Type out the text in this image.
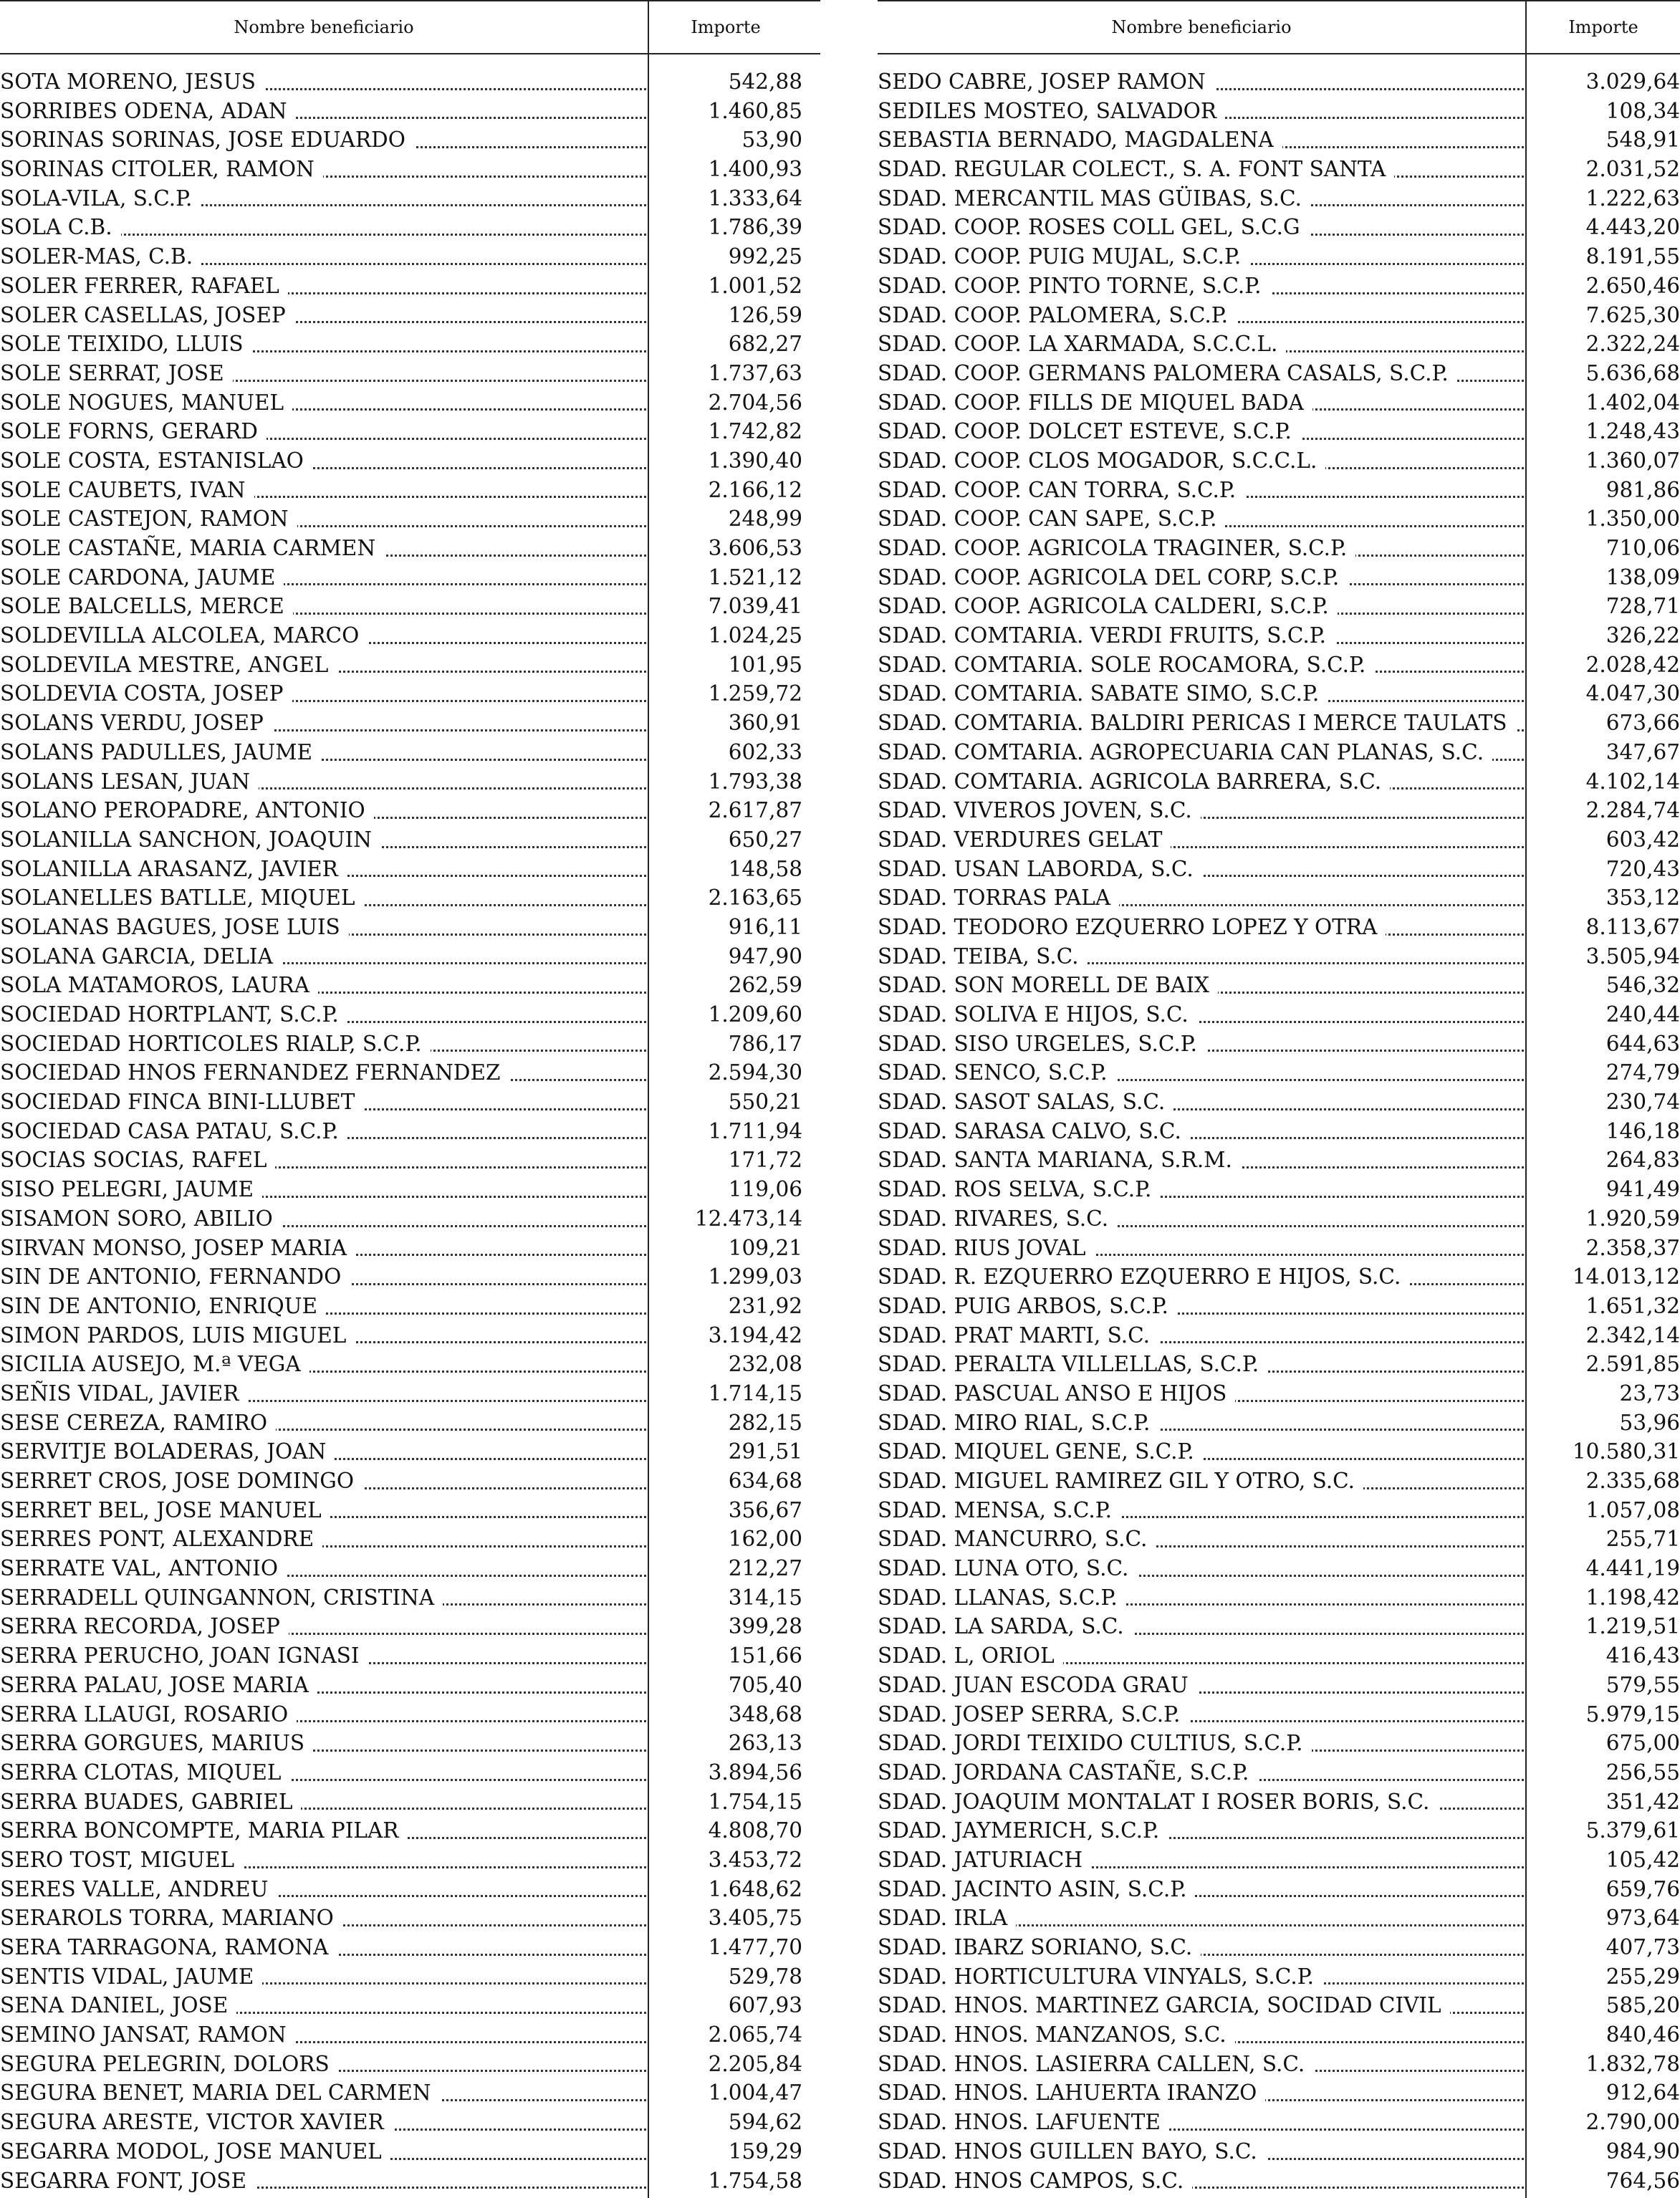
Nombre beneficiario	Importe
SOTA MORENO, JESUS	542,88
SORRIBES ODENA, ADAN	1.460,85
SORINAS SORINAS, JOSE EDUARDO	53,90
SORINAS CITOLER, RAMON	1.400,93
SOLA-VILA, S.C.P.	1.333,64
SOLA C.B.	1.786,39
SOLER-MAS, C.B.	992,25
SOLER FERRER, RAFAEL	1.001,52
SOLER CASELLAS, JOSEP	126,59
SOLE TEIXIDO, LLUIS	682,27
SOLE SERRAT, JOSE	1.737,63
SOLE NOGUES, MANUEL	2.704,56
SOLE FORNS, GERARD	1.742,82
SOLE COSTA, ESTANISLAO	1.390,40
SOLE CAUBETS, IVAN	2.166,12
SOLE CASTEJON, RAMON	248,99
SOLE CASTAÑE, MARIA CARMEN	3.606,53
SOLE CARDONA, JAUME	1.521,12
SOLE BALCELLS, MERCE	7.039,41
SOLDEVILLA ALCOLEA, MARCO	1.024,25
SOLDEVILA MESTRE, ANGEL	101,95
SOLDEVIA COSTA, JOSEP	1.259,72
SOLANS VERDU, JOSEP	360,91
SOLANS PADULLES, JAUME	602,33
SOLANS LESAN, JUAN	1.793,38
SOLANO PEROPADRE, ANTONIO	2.617,87
SOLANILLA SANCHON, JOAQUIN	650,27
SOLANILLA ARASANZ, JAVIER	148,58
SOLANELLES BATLLE, MIQUEL	2.163,65
SOLANAS BAGUES, JOSE LUIS	916,11
SOLANA GARCIA, DELIA	947,90
SOLA MATAMOROS, LAURA	262,59
SOCIEDAD HORTPLANT, S.C.P.	1.209,60
SOCIEDAD HORTICOLES RIALP, S.C.P.	786,17
SOCIEDAD HNOS FERNANDEZ FERNANDEZ	2.594,30
SOCIEDAD FINCA BINI-LLUBET	550,21
SOCIEDAD CASA PATAU, S.C.P.	1.711,94
SOCIAS SOCIAS, RAFEL	171,72
SISO PELEGRI, JAUME	119,06
SISAMON SORO, ABILIO	12.473,14
SIRVAN MONSO, JOSEP MARIA	109,21
SIN DE ANTONIO, FERNANDO	1.299,03
SIN DE ANTONIO, ENRIQUE	231,92
SIMON PARDOS, LUIS MIGUEL	3.194,42
SICILIA AUSEJO, M.ª VEGA	232,08
SEÑIS VIDAL, JAVIER	1.714,15
SESE CEREZA, RAMIRO	282,15
SERVITJE BOLADERAS, JOAN	291,51
SERRET CROS, JOSE DOMINGO	634,68
SERRET BEL, JOSE MANUEL	356,67
SERRES PONT, ALEXANDRE	162,00
SERRATE VAL, ANTONIO	212,27
SERRADELL QUINGANNON, CRISTINA	314,15
SERRA RECORDA, JOSEP	399,28
SERRA PERUCHO, JOAN IGNASI	151,66
SERRA PALAU, JOSE MARIA	705,40
SERRA LLAUGI, ROSARIO	348,68
SERRA GORGUES, MARIUS	263,13
SERRA CLOTAS, MIQUEL	3.894,56
SERRA BUADES, GABRIEL	1.754,15
SERRA BONCOMPTE, MARIA PILAR	4.808,70
SERO TOST, MIGUEL	3.453,72
SERES VALLE, ANDREU	1.648,62
SERAROLS TORRA, MARIANO	3.405,75
SERA TARRAGONA, RAMONA	1.477,70
SENTIS VIDAL, JAUME	529,78
SENA DANIEL, JOSE	607,93
SEMINO JANSAT, RAMON	2.065,74
SEGURA PELEGRIN, DOLORS	2.205,84
SEGURA BENET, MARIA DEL CARMEN	1.004,47
SEGURA ARESTE, VICTOR XAVIER	594,62
SEGARRA MODOL, JOSE MANUEL	159,29
SEGARRA FONT, JOSE	1.754,58
Nombre beneficiario	Importe
SEDO CABRE, JOSEP RAMON	3.029,64
SEDILES MOSTEO, SALVADOR	108,34
SEBASTIA BERNADO, MAGDALENA	548,91
SDAD. REGULAR COLECT., S. A. FONT SANTA	2.031,52
SDAD. MERCANTIL MAS GÜIBAS, S.C.	1.222,63
SDAD. COOP. ROSES COLL GEL, S.C.G	4.443,20
SDAD. COOP. PUIG MUJAL, S.C.P.	8.191,55
SDAD. COOP. PINTO TORNE, S.C.P.	2.650,46
SDAD. COOP. PALOMERA, S.C.P.	7.625,30
SDAD. COOP. LA XARMADA, S.C.C.L.	2.322,24
SDAD. COOP. GERMANS PALOMERA CASALS, S.C.P.	5.636,68
SDAD. COOP. FILLS DE MIQUEL BADA	1.402,04
SDAD. COOP. DOLCET ESTEVE, S.C.P.	1.248,43
SDAD. COOP. CLOS MOGADOR, S.C.C.L.	1.360,07
SDAD. COOP. CAN TORRA, S.C.P.	981,86
SDAD. COOP. CAN SAPE, S.C.P.	1.350,00
SDAD. COOP. AGRICOLA TRAGINER, S.C.P.	710,06
SDAD. COOP. AGRICOLA DEL CORP, S.C.P.	138,09
SDAD. COOP. AGRICOLA CALDERI, S.C.P.	728,71
SDAD. COMTARIA. VERDI FRUITS, S.C.P.	326,22
SDAD. COMTARIA. SOLE ROCAMORA, S.C.P.	2.028,42
SDAD. COMTARIA. SABATE SIMO, S.C.P.	4.047,30
SDAD. COMTARIA. BALDIRI PERICAS I MERCE TAULATS	673,66
SDAD. COMTARIA. AGROPECUARIA CAN PLANAS, S.C.	347,67
SDAD. COMTARIA. AGRICOLA BARRERA, S.C.	4.102,14
SDAD. VIVEROS JOVEN, S.C.	2.284,74
SDAD. VERDURES GELAT	603,42
SDAD. USAN LABORDA, S.C.	720,43
SDAD. TORRAS PALA	353,12
SDAD. TEODORO EZQUERRO LOPEZ Y OTRA	8.113,67
SDAD. TEIBA, S.C.	3.505,94
SDAD. SON MORELL DE BAIX	546,32
SDAD. SOLIVA E HIJOS, S.C.	240,44
SDAD. SISO URGELES, S.C.P.	644,63
SDAD. SENCO, S.C.P.	274,79
SDAD. SASOT SALAS, S.C.	230,74
SDAD. SARASA CALVO, S.C.	146,18
SDAD. SANTA MARIANA, S.R.M.	264,83
SDAD. ROS SELVA, S.C.P.	941,49
SDAD. RIVARES, S.C.	1.920,59
SDAD. RIUS JOVAL	2.358,37
SDAD. R. EZQUERRO EZQUERRO E HIJOS, S.C.	14.013,12
SDAD. PUIG ARBOS, S.C.P.	1.651,32
SDAD. PRAT MARTI, S.C.	2.342,14
SDAD. PERALTA VILLELLAS, S.C.P.	2.591,85
SDAD. PASCUAL ANSO E HIJOS	23,73
SDAD. MIRO RIAL, S.C.P.	53,96
SDAD. MIQUEL GENE, S.C.P.	10.580,31
SDAD. MIGUEL RAMIREZ GIL Y OTRO, S.C.	2.335,68
SDAD. MENSA, S.C.P.	1.057,08
SDAD. MANCURRO, S.C.	255,71
SDAD. LUNA OTO, S.C.	4.441,19
SDAD. LLANAS, S.C.P.	1.198,42
SDAD. LA SARDA, S.C.	1.219,51
SDAD. L, ORIOL	416,43
SDAD. JUAN ESCODA GRAU	579,55
SDAD. JOSEP SERRA, S.C.P.	5.979,15
SDAD. JORDI TEIXIDO CULTIUS, S.C.P.	675,00
SDAD. JORDANA CASTAÑE, S.C.P.	256,55
SDAD. JOAQUIM MONTALAT I ROSER BORIS, S.C.	351,42
SDAD. JAYMERICH, S.C.P.	5.379,61
SDAD. JATURIACH	105,42
SDAD. JACINTO ASIN, S.C.P.	659,76
SDAD. IRLA	973,64
SDAD. IBARZ SORIANO, S.C.	407,73
SDAD. HORTICULTURA VINYALS, S.C.P.	255,29
SDAD. HNOS. MARTINEZ GARCIA, SOCIDAD CIVIL	585,20
SDAD. HNOS. MANZANOS, S.C.	840,46
SDAD. HNOS. LASIERRA CALLEN, S.C.	1.832,78
SDAD. HNOS. LAHUERTA IRANZO	912,64
SDAD. HNOS. LAFUENTE	2.790,00
SDAD. HNOS GUILLEN BAYO, S.C.	984,90
SDAD. HNOS CAMPOS, S.C.	764,56
